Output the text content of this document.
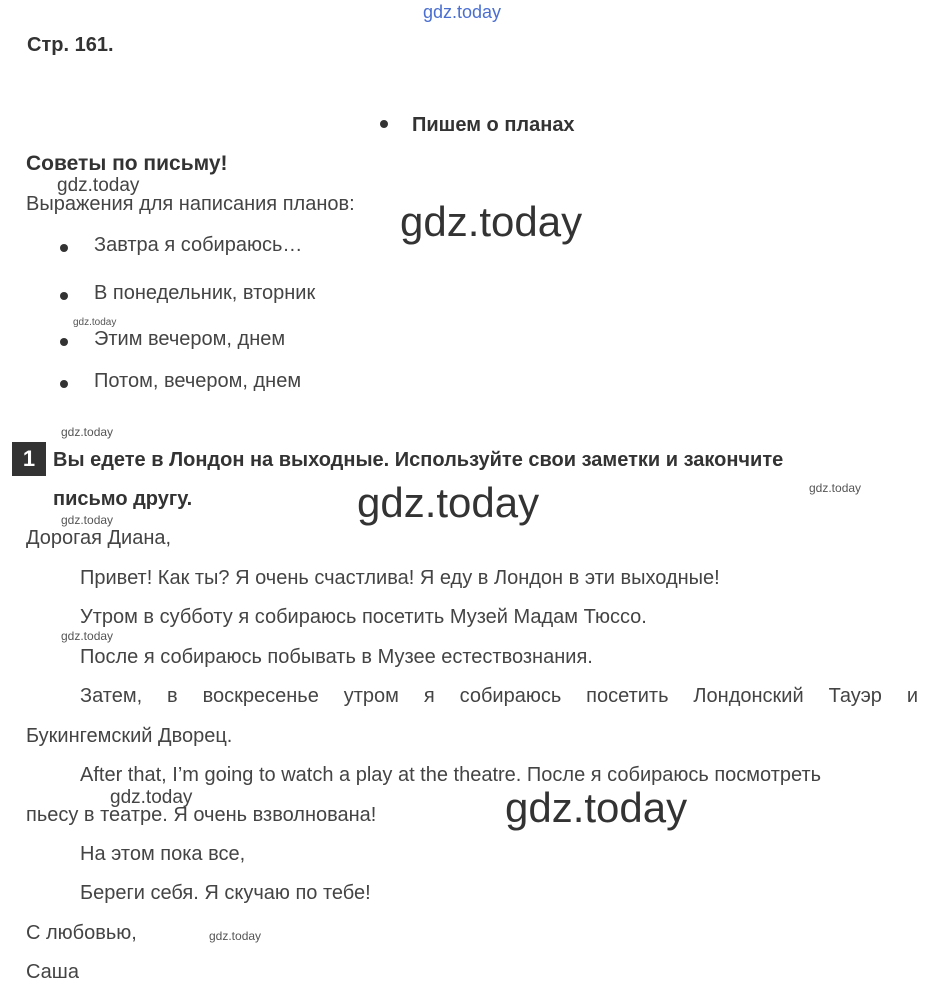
gdz.today
Стр. 161.
Пишем о планах
Советы по письму!
gdz.today
Выражения для написания планов: gdz.today
Завтра я собираюсь…
В понедельник, вторник
gdz.today
Этим вечером, днем
Потом, вечером, днем
gdz.today
1 Вы едете в Лондон на выходные. Используйте свои заметки и закончите
письмо другу.	gdz.today
gdz.today
gdz.today
Дорогая Диана,
Привет! Как ты? Я очень счастлива! Я еду в Лондон в эти выходные!
Утром в субботу я собираюсь посетить Музей Мадам Тюссо.
gdz.today
После я собираюсь побывать в Музее естествознания.
Затем, в воскресенье утром я собираюсь посетить Лондонский Тауэр и
Букингемский Дворец.
After that, I’m going to watch a play at the theatre. После я собираюсь посмотреть
gdz.today
пьесу в театре. Я очень взволнована!	gdz.today
На этом пока все,
Береги себя. Я скучаю по тебе!
С любовью,	gdz.today
Саша
